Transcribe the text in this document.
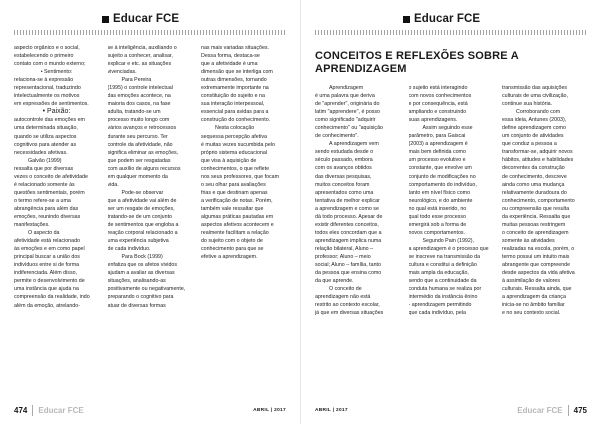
Educar FCE

aspecto orgânico e o social,

estabelecendo o primeiro

contato com o mundo externo;

• Sentimento:

relaciona-se à expressão

representacional, traduzindo

intelectualmente os motivos

em expressões de sentimentos.

• Paixão:

autocontrole das emoções em

uma determinada situação,

quando se utiliza aspectos

cognitivos para atender as

necessidades afetivas.

Galvão (1999)

ressalta que por diversas

vezes o conceito de afetividade

é relacionado somente às

questões sentimentais, porém

o termo refere-se a uma

abrangência para além das

emoções, reunindo diversas

manifestações.

O aspecto da

afetividade está relacionado

às emoções e em como papel

principal buscar a união dos

indivíduos entre si de forma

indiferenciada. Além disso,

permite o desenvolvimento de

uma instância que ajuda na

compreensão da realidade, indo

além da emoção, atrelando-

se à inteligência, auxiliando o

sujeito a conhecer, analisar,

explicar e etc. as situações

vivenciadas.

Para Pereira

(1995) o controle intelectual

das emoções acontece, na

maioria dos casos, na fase

adulta, tratando-se um

processo muito longo com

vários avanços e retrocessos

durante seu percurso. Ter

controle da afetividade, não

significa eliminar as emoções,

que podem ser resgatadas

com auxílio de alguns recursos

em qualquer momento da

vida.

Pode-se observar

que a afetividade vai além de

ser um resgate de emoções,

tratando-se de um conjunto

de sentimentos que engloba a

reação corporal relacionado a

uma experiência subjetiva

de cada indivíduo.

Para Bock (1999)

enfatiza que os afetos vividos

ajudam a avaliar as diversas

situações, analisando-as

positivamente ou negativamente,

preparando o cognitivo para

atuar de diversas formas

nas mais variadas situações.

Dessa forma, destaca-se

que a afetividade é uma

dimensão que se interliga com

outras dimensões, tornando

extremamente importante na

constituição do sujeito e na

sua interação interpessoal,

essencial para avidas para a

construção do conhecimento.

Nesta colocação

sequessa percepção afetiva

é muitas vezes sucumbida pelo

próprio sistema educacional

que visa à aquisição de

conhecimentos, o que reflete

nos seus professores, que focam

o seu olhar para avaliações

frias e que destinam apenas

a verificação de notas. Porém,

também vale ressaltar que

algumas práticas pautadas em

aspectos afetivos acontecem e

realmente facilitam a relação

do sujeito com o objeto de

conhecimento para que se

efetive a aprendizagem.

474 Educar FCE	ABRIL | 2017
Educar FCE
CONCEITOS E REFLEXÕES SOBRE A APRENDIZAGEM

Aprendizagem

é uma palavra que deriva

de "aprender", originária do

latim "apprendere", é posso

como significado "adquirir

conhecimento" ou "aquisição

de conhecimento".

A aprendizagem vem

sendo estudada desde o

século passado, embora

com os avanços obtidos

das diversas pesquisas,

muitos conceitos foram

apresentados como uma

tentativa de melhor explicar

a aprendizagem e como se

dá todo processo. Apesar de

existir diferentes conceitos,

todos eles concordam que a

aprendizagem implica numa

relação bilateral, Aluno –

professor; Aluno – meio

social; Aluno – família, tanto

da pessoa que ensina como

da que aprende.

O conceito de

aprendizagem não está

restrito ao contexto escolar,

já que em diversas situações

o sujeito está interagindo

com novos conhecimentos

e por consequência, está

ampliando e construindo

suas aprendizagens.

Assim seguindo esse

parâmetro, para Gaiscai

(2003) a aprendizagem é

mais bem definida como

um processo evolutivo e

constante, que envolve um

conjunto de modificações no

comportamento do indivíduo,

tanto em nível físico como

neurológico, e do ambiente

no qual está inserido, no

qual todo esse processo

emergirá sob a forma de

novos comportamentos.

Segundo Pain (1992),

a aprendizagem é o processo que

se inscreve na transmissão da

cultura e constitui a definição

mais ampla da educação,

sendo que a continuidade da

conduta humana se realiza por

intermédio da instância ênino

- aprendizagem permitindo

que cada indivíduo, pela

transmissão das aquisições

culturais de uma civilização,

continue sua história.

Corroborando com

essa ideia, Antunes (2003),

define aprendizagem como

um conjunto de atividades

que conduz a pessoa a

transformar-se, adquirir novos

hábitos, atitudes e habilidades

decorrentes da construção

de conhecimento, descreve

ainda como uma mudança

relativamente duradoura do

conhecimento, comportamento

ou compreensão que resulta

da experiência. Ressalta que

muitas pessoas restringem

o conceito de aprendizagem

somente às atividades

realizadas na escola, porém, o

termo possui um intuito mais

abrangente que compreende

desde aspectos da vida afetiva

à assimilação de valores

culturais. Ressalta ainda, que

a aprendizagem da criança

inicia-se no âmbito familiar

e no seu contexto social.

ABRIL | 2017	Educar FCE 475
